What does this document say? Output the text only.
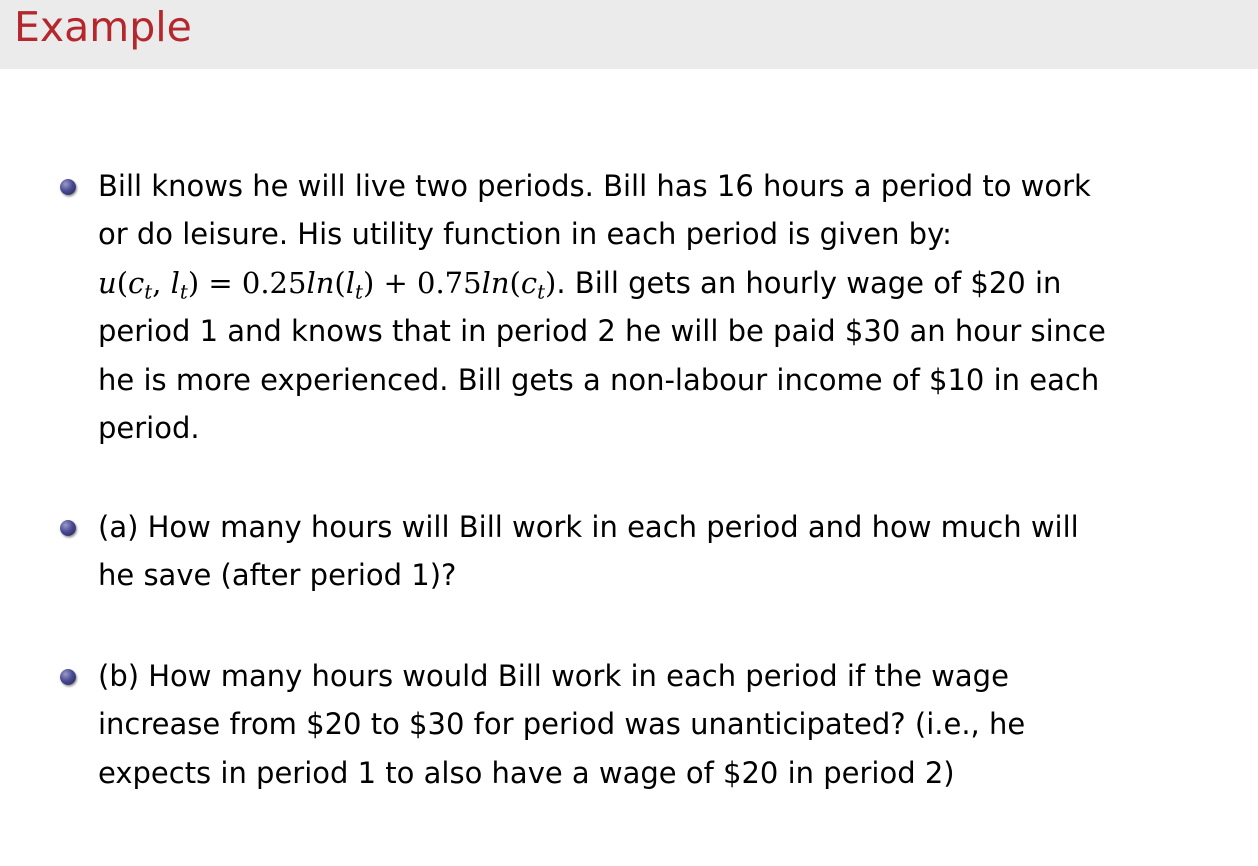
Example
Bill knows he will live two periods. Bill has 16 hours a period to work
or do leisure. His utility function in each period is given by:
$u(c_t$, $l_t) = 0.25\ln(l_t) + 0.75\ln(c_t)$. Bill gets an hourly wage of $20 in
period 1 and knows that in period 2 he will be paid $30 an hour since
he is more experienced. Bill gets a non-labour income of $10 in each
period.
(a) How many hours will Bill work in each period and how much will
he save (after period 1)?
(b) How many hours would Bill work in each period if the wage
increase from $20 to $30 for period was unanticipated? (i.e., he
expects in period 1 to also have a wage of $20 in period 2)
